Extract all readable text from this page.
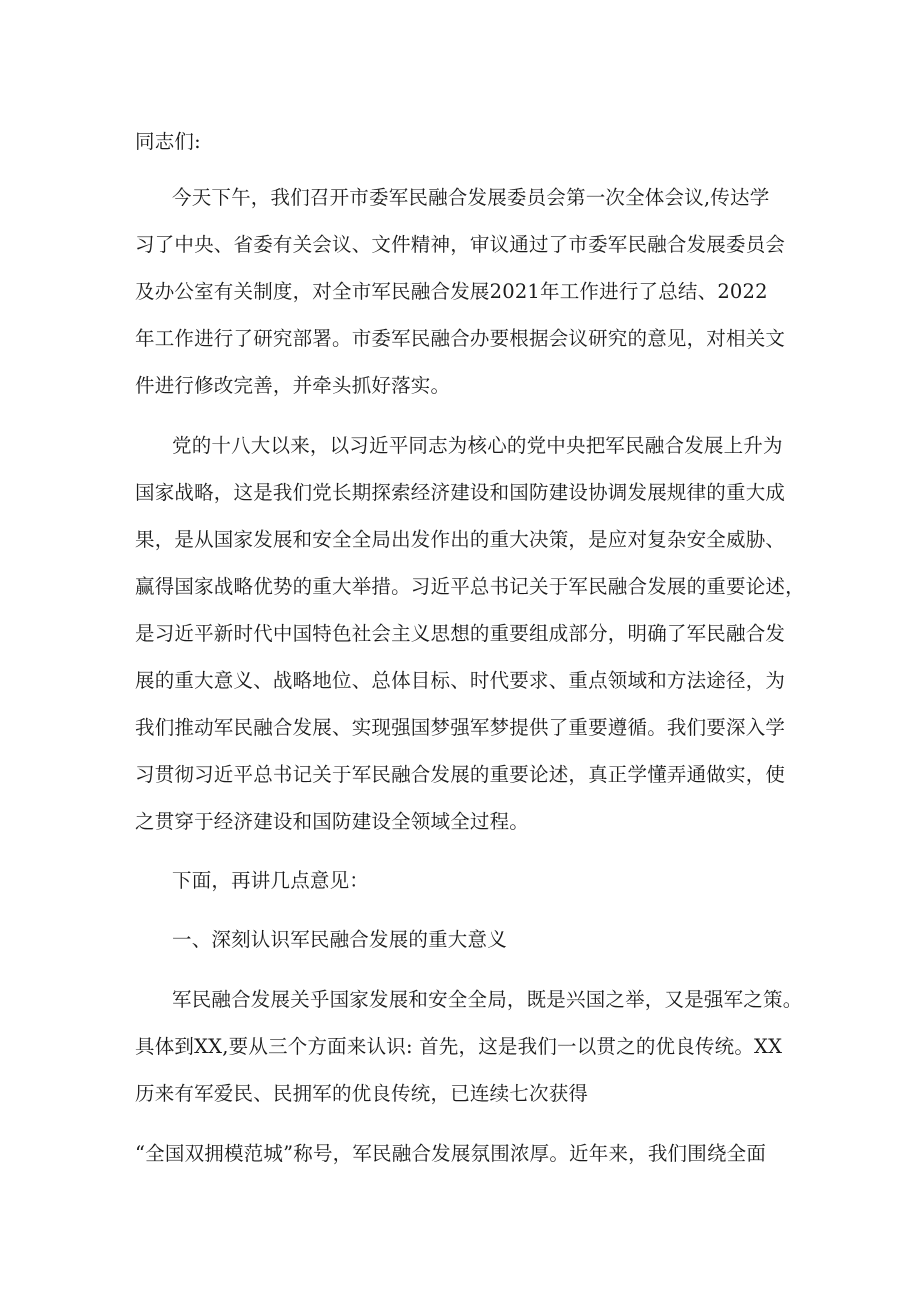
同志们:
今天下午，我们召开市委军民融合发展委员会第一次全体会议,传达学
习了中央、省委有关会议、文件精神，审议通过了市委军民融合发展委员会
及办公室有关制度，对全市军民融合发展2021年工作进行了总结、2022
年工作进行了研究部署。市委军民融合办要根据会议研究的意见，对相关文
件进行修改完善，并牵头抓好落实。
党的十八大以来，以习近平同志为核心的党中央把军民融合发展上升为
国家战略，这是我们党长期探索经济建设和国防建设协调发展规律的重大成
果，是从国家发展和安全全局出发作出的重大决策，是应对复杂安全威胁、
赢得国家战略优势的重大举措。习近平总书记关于军民融合发展的重要论述，
是习近平新时代中国特色社会主义思想的重要组成部分，明确了军民融合发
展的重大意义、战略地位、总体目标、时代要求、重点领域和方法途径，为
我们推动军民融合发展、实现强国梦强军梦提供了重要遵循。我们要深入学
习贯彻习近平总书记关于军民融合发展的重要论述，真正学懂弄通做实，使
之贯穿于经济建设和国防建设全领域全过程。
下面，再讲几点意见：
一、深刻认识军民融合发展的重大意义
军民融合发展关乎国家发展和安全全局，既是兴国之举，又是强军之策。
具体到XX,要从三个方面来认识: 首先，这是我们一以贯之的优良传统。XX
历来有军爱民、民拥军的优良传统，已连续七次获得
“全国双拥模范城”称号，军民融合发展氛围浓厚。近年来，我们围绕全面
